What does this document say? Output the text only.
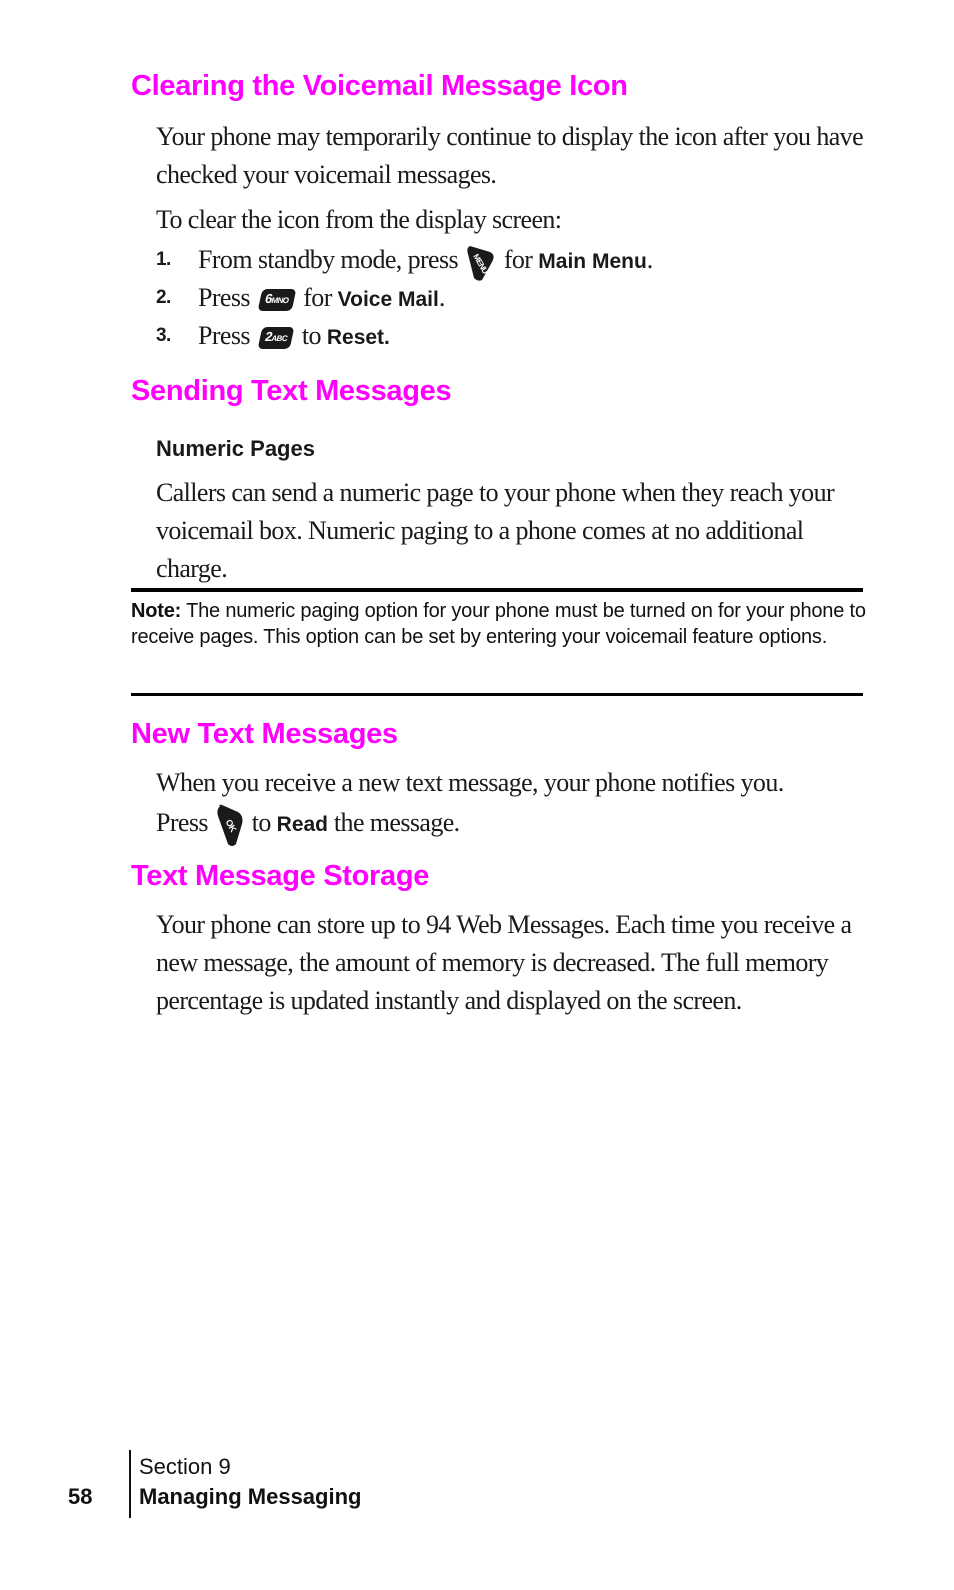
Clearing the Voicemail Message Icon

Your phone may temporarily continue to display the icon after you have checked your voicemail messages.

To clear the icon from the display screen:

1. From standby mode, press MENU for Main Menu.
2. Press 6MNO for Voice Mail.
3. Press 2ABC to Reset.
Sending Text Messages
Numeric Pages

Callers can send a numeric page to your phone when they reach your voicemail box. Numeric paging to a phone comes at no additional charge.

Note: The numeric paging option for your phone must be turned on for your phone to receive pages. This option can be set by entering your voicemail feature options.
New Text Messages

When you receive a new text message, your phone notifies you.

Press OK to Read the message.

Text Message Storage

Your phone can store up to 94 Web Messages. Each time you receive a new message, the amount of memory is decreased. The full memory percentage is updated instantly and displayed on the screen.

58
Section 9
Managing Messaging
